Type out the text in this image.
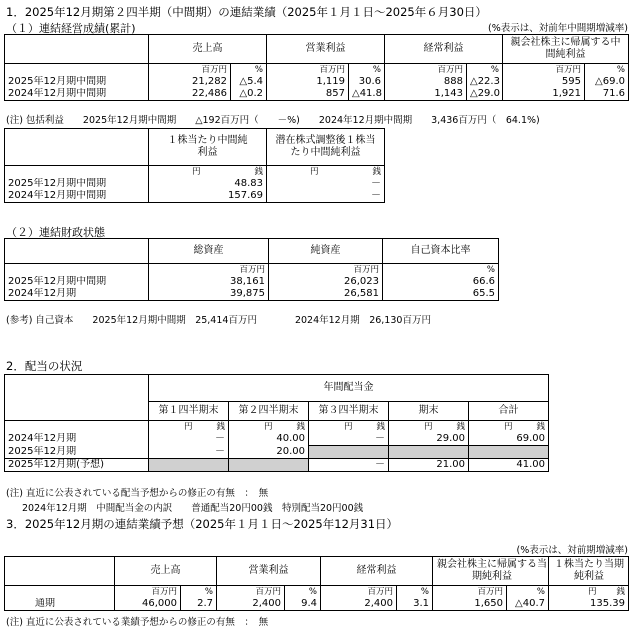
1．2025年12月期第２四半期（中間期）の連結業績（2025年１月１日～2025年６月30日）
（１）連結経営成績(累計)	(%表示は、対前年中間期増減率)
	売上高		営業利益		経常利益		親会社株主に帰属する中間純利益	

	百万円	%	百万円	%	百万円	%	百万円	%
2025年12月期中間期	21,282	△5.4	1,119	30.6	888	△22.3	595	△69.0
2024年12月期中間期	22,486	△0.2	857	△41.8	1,143	△29.0	1,921	71.6
(注) 包括利益　　2025年12月期中間期　　△192百万円（　　－%)　　2024年12月期中間期　　3,436百万円（　64.1%)

	１株当たり中間純利益	潜在株式調整後１株当たり中間純利益

	円 銭	円 銭

2025年12月期中間期	48.83	－
2024年12月期中間期	157.69	－
（２）連結財政状態
	総資産	純資産	自己資本比率
	百万円	百万円	%
2025年12月期中間期	38,161	26,023	66.6
2024年12月期	39,875	26,581	65.5
(参考) 自己資本　　2025年12月期中間期　25,414百万円　　　　2024年12月期　26,130百万円
2．配当の状況
	年間配当金				
	第１四半期末	第２四半期末	第３四半期末	期末	合計

	円 銭	円 銭	円 銭	円 銭	円 銭

2024年12月期	－	40.00	－	29.00	69.00
2025年12月期	－	20.00			
2025年12月期(予想)			－	21.00	41.00
(注) 直近に公表されている配当予想からの修正の有無　：　無
2024年12月期　中間配当金の内訳　　普通配当20円00銭　特別配当20円00銭
3．2025年12月期の連結業績予想（2025年１月１日～2025年12月31日）
(%表示は、対前期増減率)
	売上高		営業利益		経常利益		親会社株主に帰属する当期純利益		１株当たり当期純利益

	百万円	%	百万円	%	百万円	%	百万円	%	円 銭

通期	46,000	2.7	2,400	9.4	2,400	3.1	1,650	△40.7	135.39
(注) 直近に公表されている業績予想からの修正の有無　：　無
